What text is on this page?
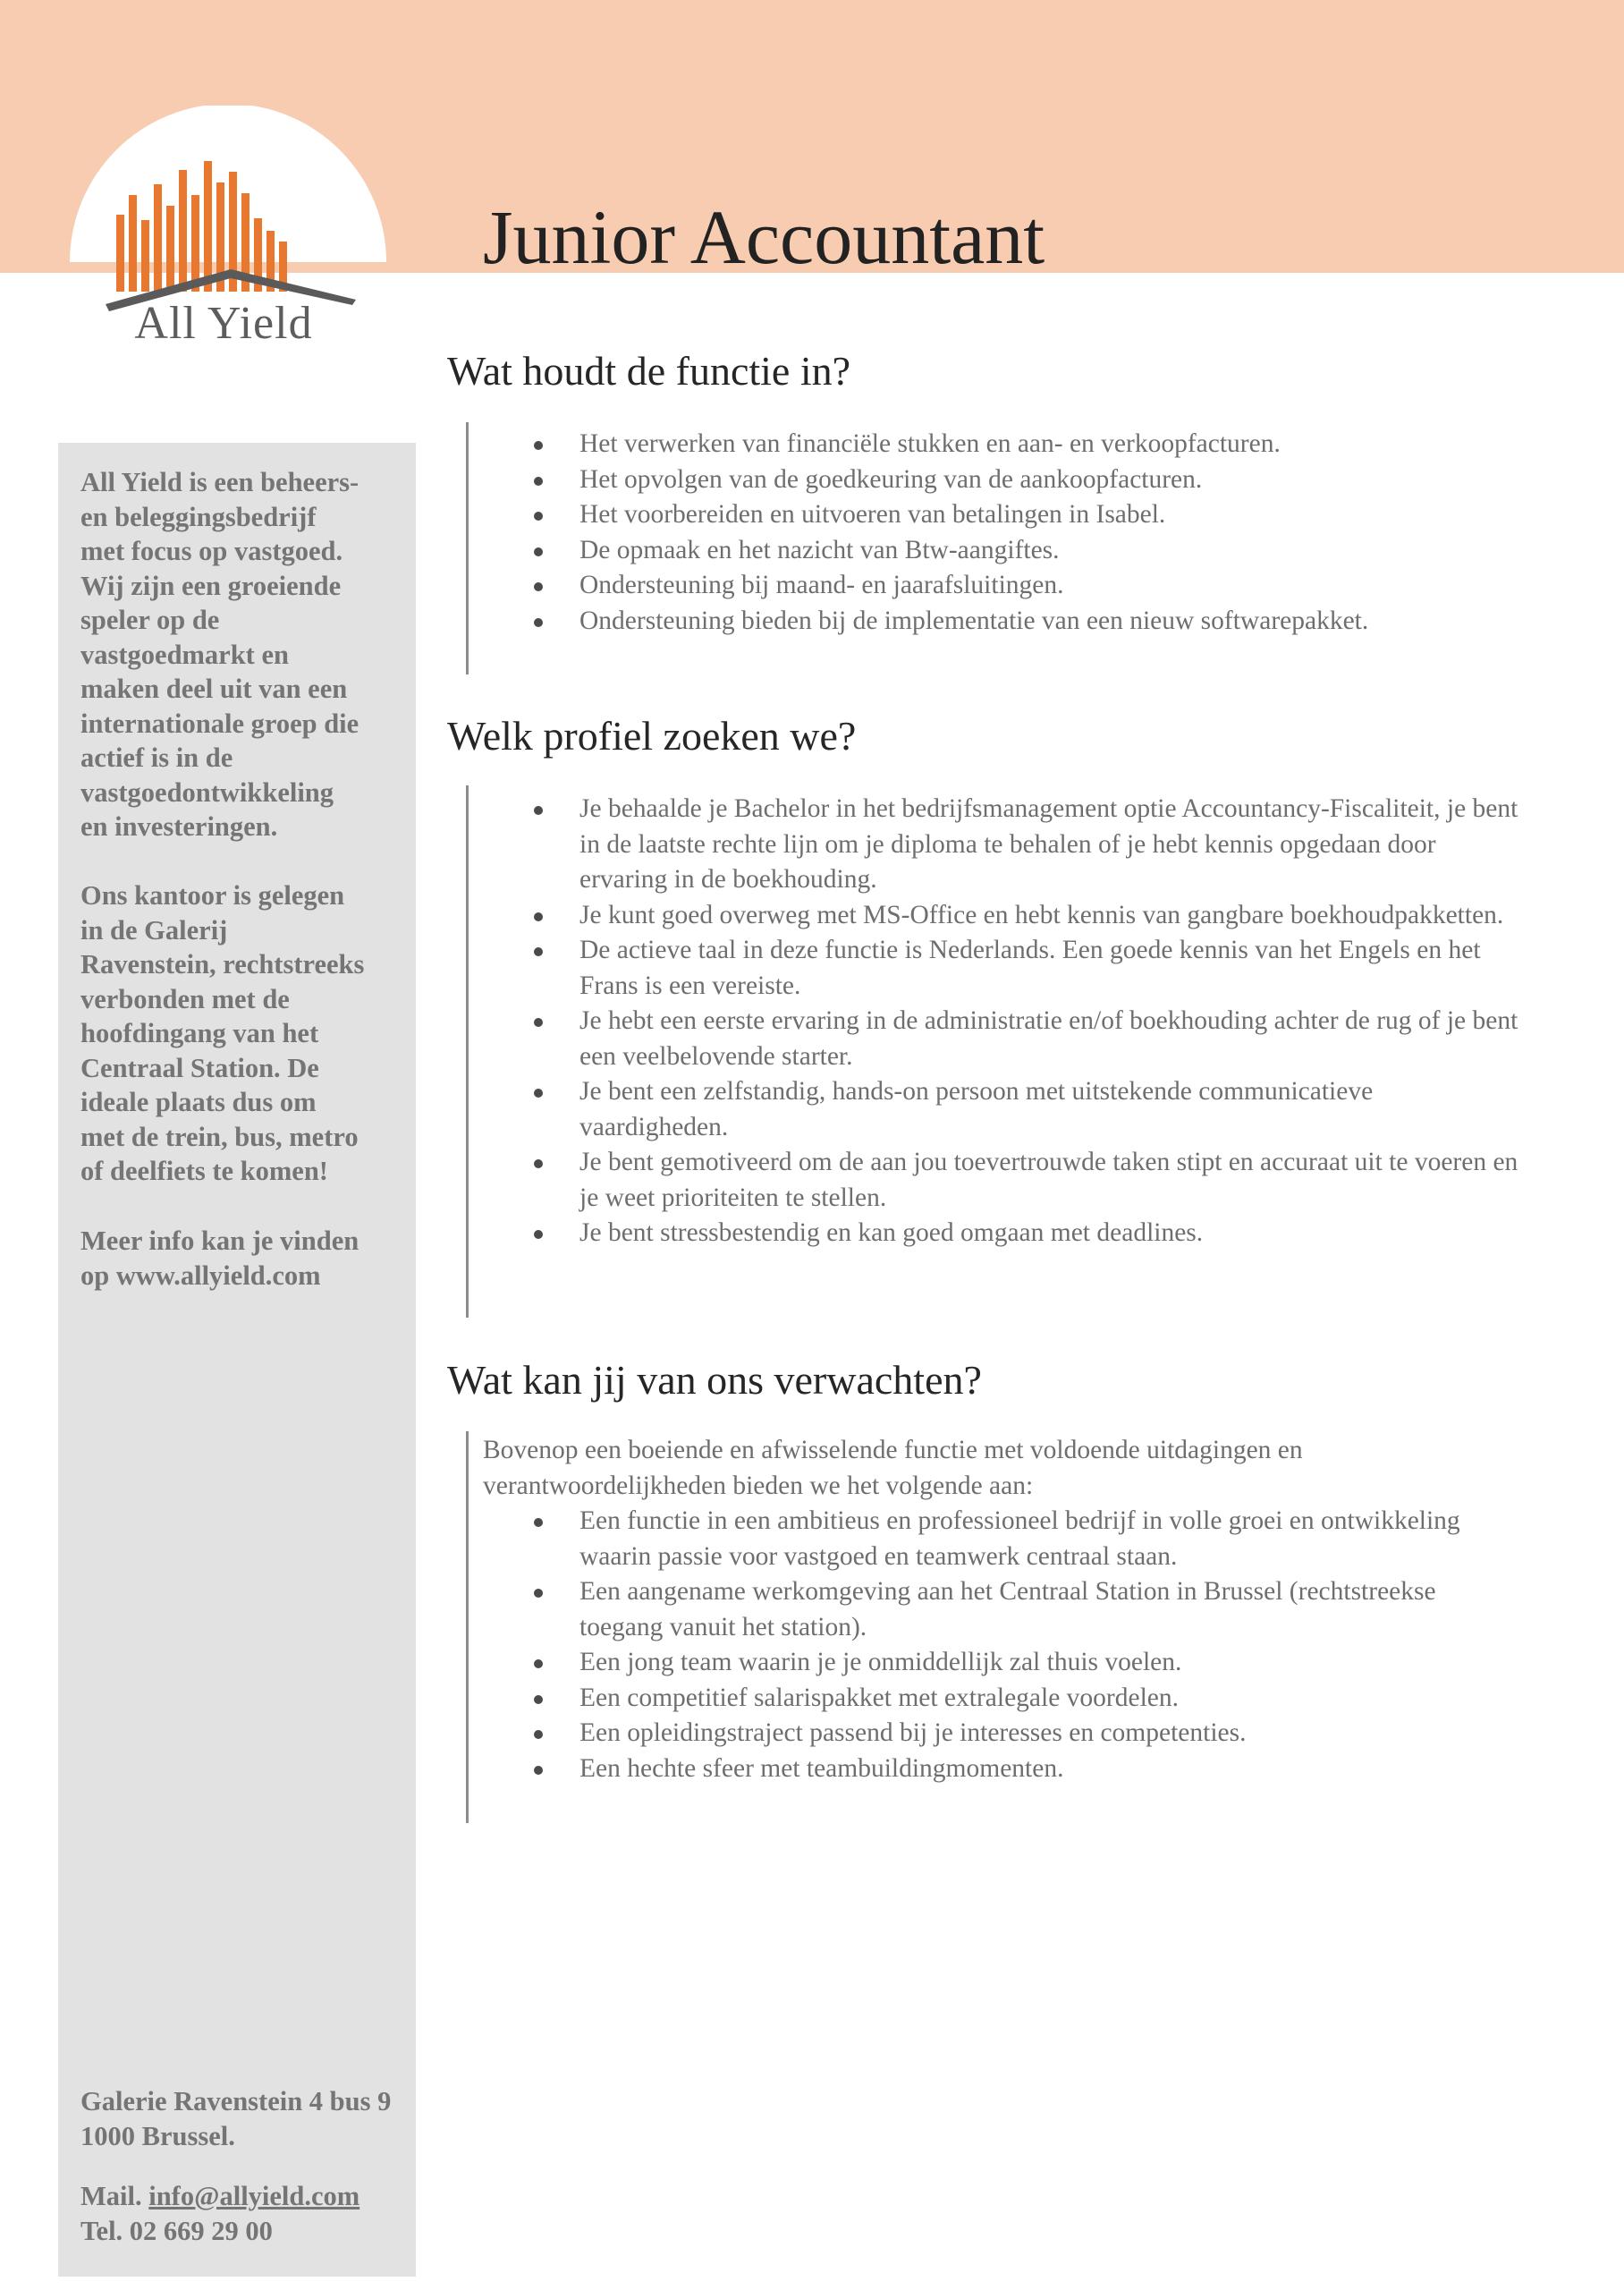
All Yield
Junior Accountant

All Yield is een beheers-

en beleggingsbedrijf

met focus op vastgoed.

Wij zijn een groeiende

speler op de

vastgoedmarkt en

maken deel uit van een

internationale groep die

actief is in de

vastgoedontwikkeling

en investeringen.

Ons kantoor is gelegen

in de Galerij

Ravenstein, rechtstreeks

verbonden met de

hoofdingang van het

Centraal Station. De

ideale plaats dus om

met de trein, bus, metro

of deelfiets te komen!

Meer info kan je vinden

op www.allyield.com

Galerie Ravenstein 4 bus 9

1000 Brussel.

Mail. info@allyield.com

Tel. 02 669 29 00

Wat houdt de functie in?
Het verwerken van financiële stukken en aan- en verkoopfacturen.
Het opvolgen van de goedkeuring van de aankoopfacturen.
Het voorbereiden en uitvoeren van betalingen in Isabel.
De opmaak en het nazicht van Btw-aangiftes.
Ondersteuning bij maand- en jaarafsluitingen.
Ondersteuning bieden bij de implementatie van een nieuw softwarepakket.
Welk profiel zoeken we?
Je behaalde je Bachelor in het bedrijfsmanagement optie Accountancy-Fiscaliteit, je bent in de laatste rechte lijn om je diploma te behalen of je hebt kennis opgedaan door ervaring in de boekhouding.
Je kunt goed overweg met MS-Office en hebt kennis van gangbare boekhoudpakketten.
De actieve taal in deze functie is Nederlands. Een goede kennis van het Engels en het Frans is een vereiste.
Je hebt een eerste ervaring in de administratie en/of boekhouding achter de rug of je bent een veelbelovende starter.
Je bent een zelfstandig, hands-on persoon met uitstekende communicatieve vaardigheden.
Je bent gemotiveerd om de aan jou toevertrouwde taken stipt en accuraat uit te voeren en je weet prioriteiten te stellen.
Je bent stressbestendig en kan goed omgaan met deadlines.
Wat kan jij van ons verwachten?

Bovenop een boeiende en afwisselende functie met voldoende uitdagingen en verantwoordelijkheden bieden we het volgende aan:

Een functie in een ambitieus en professioneel bedrijf in volle groei en ontwikkeling waarin passie voor vastgoed en teamwerk centraal staan.
Een aangename werkomgeving aan het Centraal Station in Brussel (rechtstreekse toegang vanuit het station).
Een jong team waarin je je onmiddellijk zal thuis voelen.
Een competitief salarispakket met extralegale voordelen.
Een opleidingstraject passend bij je interesses en competenties.
Een hechte sfeer met teambuildingmomenten.
